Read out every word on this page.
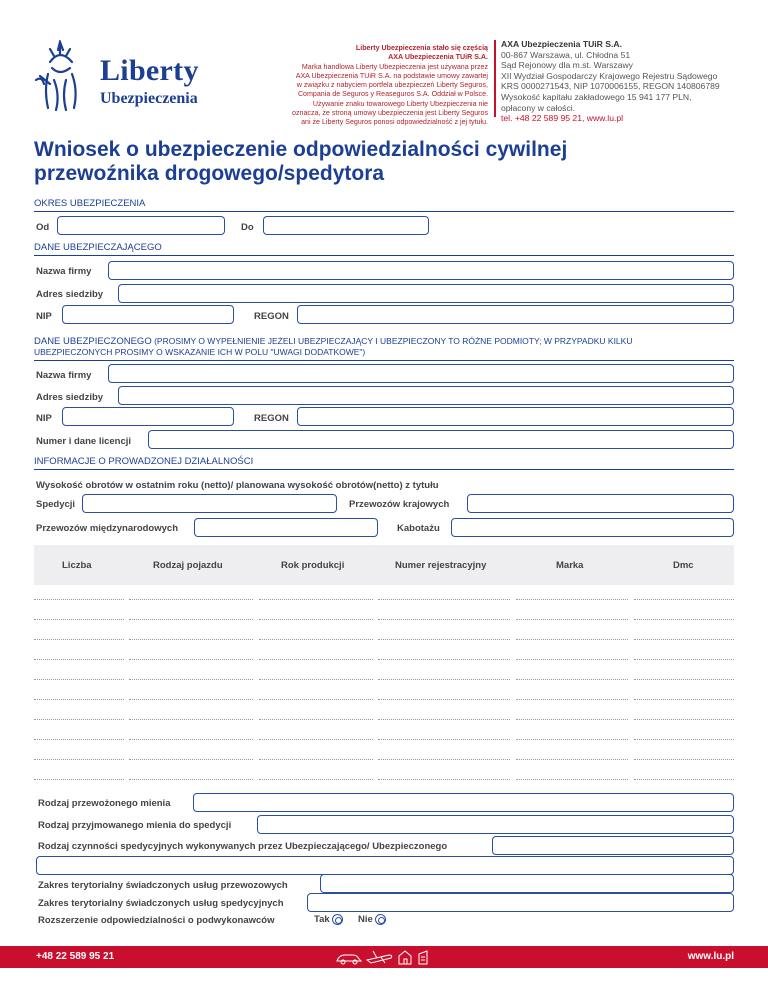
Liberty
Ubezpieczenia
Liberty Ubezpieczenia stało się częścią
AXA Ubezpieczenia TUiR S.A.
Marka handlowa Liberty Ubezpieczenia jest używana przez
AXA Ubezpieczenia TUiR S.A. na podstawie umowy zawartej
w związku z nabyciem portfela ubezpieczeń Liberty Seguros,
Compania de Seguros y Reaseguros S.A. Oddział w Polsce.
Używanie znaku towarowego Liberty Ubezpieczenia nie
oznacza, że stroną umowy ubezpieczenia jest Liberty Seguros
ani że Liberty Seguros ponosi odpowiedzialność z jej tytułu.
AXA Ubezpieczenia TUiR S.A.
00-867 Warszawa, ul. Chłodna 51
Sąd Rejonowy dla m.st. Warszawy
XII Wydział Gospodarczy Krajowego Rejestru Sądowego
KRS 0000271543, NIP 1070006155, REGON 140806789
Wysokość kapitału zakładowego 15 941 177 PLN,
opłacony w całości.
tel. +48 22 589 95 21, www.lu.pl
Wniosek o ubezpieczenie odpowiedzialności cywilnej
przewoźnika drogowego/spedytora
OKRES UBEZPIECZENIA
Od	Do
DANE UBEZPIECZAJĄCEGO
Nazwa firmy
Adres siedziby
NIP	REGON
DANE UBEZPIECZONEGO (PROSIMY O WYPEŁNIENIE JEŻELI UBEZPIECZAJĄCY I UBEZPIECZONY TO RÓŻNE PODMIOTY; W PRZYPADKU KILKU
UBEZPIECZONYCH PROSIMY O WSKAZANIE ICH W POLU "UWAGI DODATKOWE")
Nazwa firmy
Adres siedziby
NIP	REGON
Numer i dane licencji
INFORMACJE O PROWADZONEJ DZIAŁALNOŚCI
Wysokość obrotów w ostatnim roku (netto)/ planowana wysokość obrotów(netto) z tytułu
Spedycji	Przewozów krajowych
Przewozów międzynarodowych	Kabotażu
Liczba	Rodzaj pojazdu	Rok produkcji	Numer rejestracyjny	Marka	Dmc
Rodzaj przewożonego mienia
Rodzaj przyjmowanego mienia do spedycji
Rodzaj czynności spedycyjnych wykonywanych przez Ubezpieczającego/ Ubezpieczonego
Zakres terytorialny świadczonych usług przewozowych
Zakres terytorialny świadczonych usług spedycyjnych
Rozszerzenie odpowiedzialności o podwykonawców	Tak	Nie
+48 22 589 95 21	www.lu.pl
